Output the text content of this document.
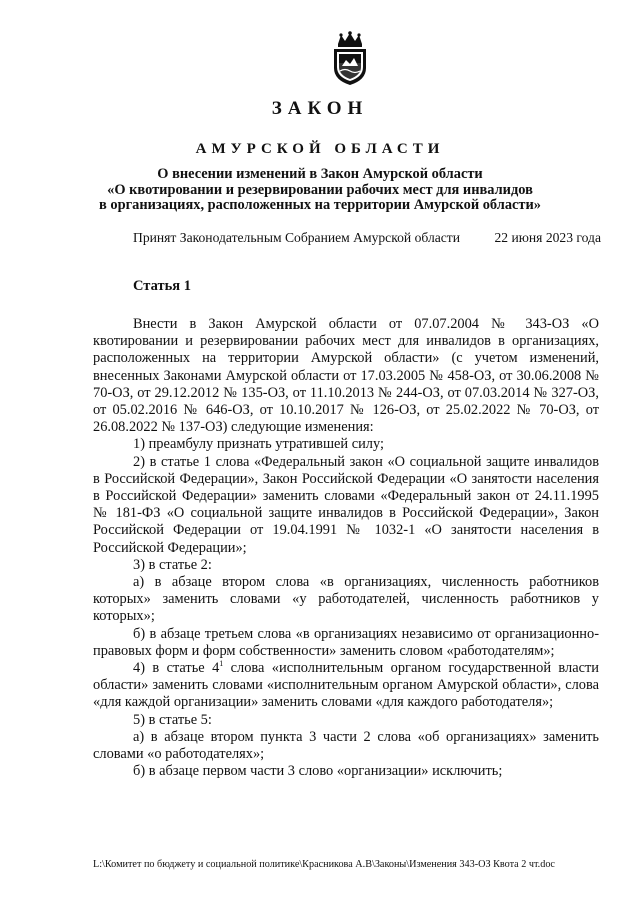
ЗАКОН
АМУРСКОЙ ОБЛАСТИ
О внесении изменений в Закон Амурской области
«О квотировании и резервировании рабочих мест для инвалидов
в организациях, расположенных на территории Амурской области»
Принят Законодательным Собранием Амурской области	22 июня 2023 года
Статья 1

Внести в Закон Амурской области от 07.07.2004 № 343-ОЗ «О квотировании и резервировании рабочих мест для инвалидов в организациях, расположенных на территории Амурской области» (с учетом изменений, внесенных Законами Амурской области от 17.03.2005 № 458-ОЗ, от 30.06.2008 № 70-ОЗ, от 29.12.2012 № 135-ОЗ, от 11.10.2013 № 244-ОЗ, от 07.03.2014 № 327-ОЗ, от 05.02.2016 № 646-ОЗ, от 10.10.2017 № 126-ОЗ, от 25.02.2022 № 70-ОЗ, от 26.08.2022 № 137-ОЗ) следующие изменения:

1) преамбулу признать утратившей силу;

2) в статье 1 слова «Федеральный закон «О социальной защите инвалидов в Российской Федерации», Закон Российской Федерации «О занятости населения в Российской Федерации» заменить словами «Федеральный закон от 24.11.1995 № 181-ФЗ «О социальной защите инвалидов в Российской Федерации», Закон Российской Федерации от 19.04.1991 № 1032-1 «О занятости населения в Российской Федерации»;

3) в статье 2:

а) в абзаце втором слова «в организациях, численность работников которых» заменить словами «у работодателей, численность работников у которых»;

б) в абзаце третьем слова «в организациях независимо от организационно-правовых форм и форм собственности» заменить словом «работодателям»;

4) в статье $4^1$ слова «исполнительным органом государственной власти области» заменить словами «исполнительным органом Амурской области», слова «для каждой организации» заменить словами «для каждого работодателя»;

5) в статье 5:

а) в абзаце втором пункта 3 части 2 слова «об организациях» заменить словами «о работодателях»;

б) в абзаце первом части 3 слово «организации» исключить;

L:\Комитет по бюджету и социальной политике\Красникова А.В\Законы\Изменения 343-ОЗ Квота 2 чт.doc
